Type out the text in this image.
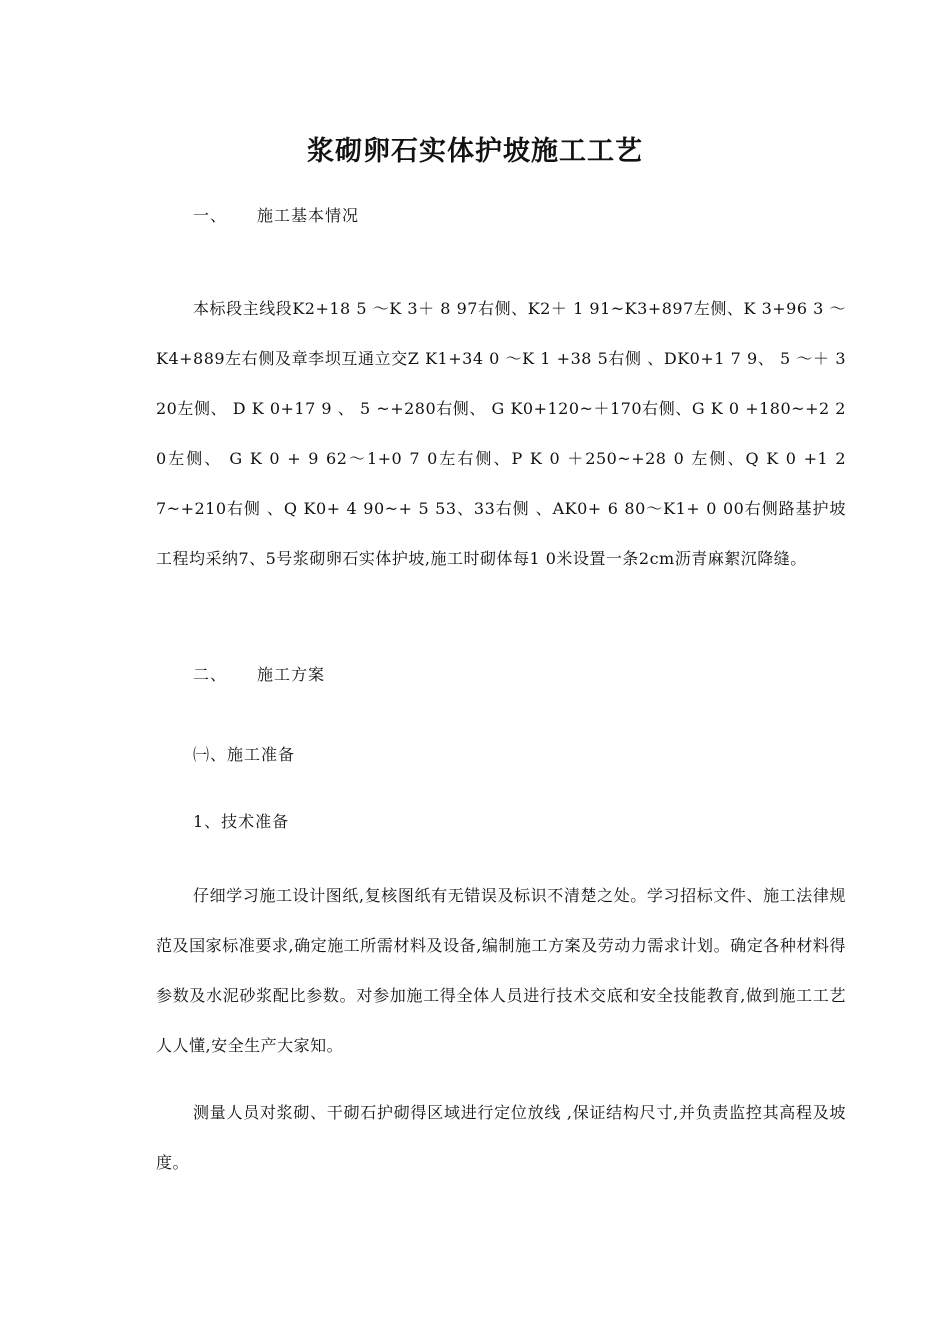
浆砌卵石实体护坡施工工艺

一、 施工基本情况

本标段主线段K2+18 5 ～K 3＋ 8 97右侧、K2＋ 1 91~K3+897左侧、K 3+96 3 ～K4+889左右侧及章李坝互通立交Z K1+34 0 ～K 1 +38 5右侧 、DK0+1 7 9、 5 ～＋ 3 20左侧、 D K 0+17 9 、 5 ~+280右侧、 G K0+120~＋170右侧、G K 0 +180~+2 2 0左侧、 G K 0 + 9 62～1+0 7 0左右侧、P K 0 ＋250~+28 0 左侧、Q K 0 +1 2 7~+210右侧 、Q K0+ 4 90~+ 5 53、33右侧 、AK0+ 6 80～K1+ 0 00右侧路基护坡工程均采纳7、5号浆砌卵石实体护坡,施工时砌体每1 0米设置一条2cm沥青麻絮沉降缝。

二、 施工方案

㈠、施工准备

1、技术准备

仔细学习施工设计图纸,复核图纸有无错误及标识不清楚之处。学习招标文件、施工法律规范及国家标准要求,确定施工所需材料及设备,编制施工方案及劳动力需求计划。确定各种材料得参数及水泥砂浆配比参数。对参加施工得全体人员进行技术交底和安全技能教育,做到施工工艺人人懂,安全生产大家知。

测量人员对浆砌、干砌石护砌得区域进行定位放线 ,保证结构尺寸,并负责监控其高程及坡度。
